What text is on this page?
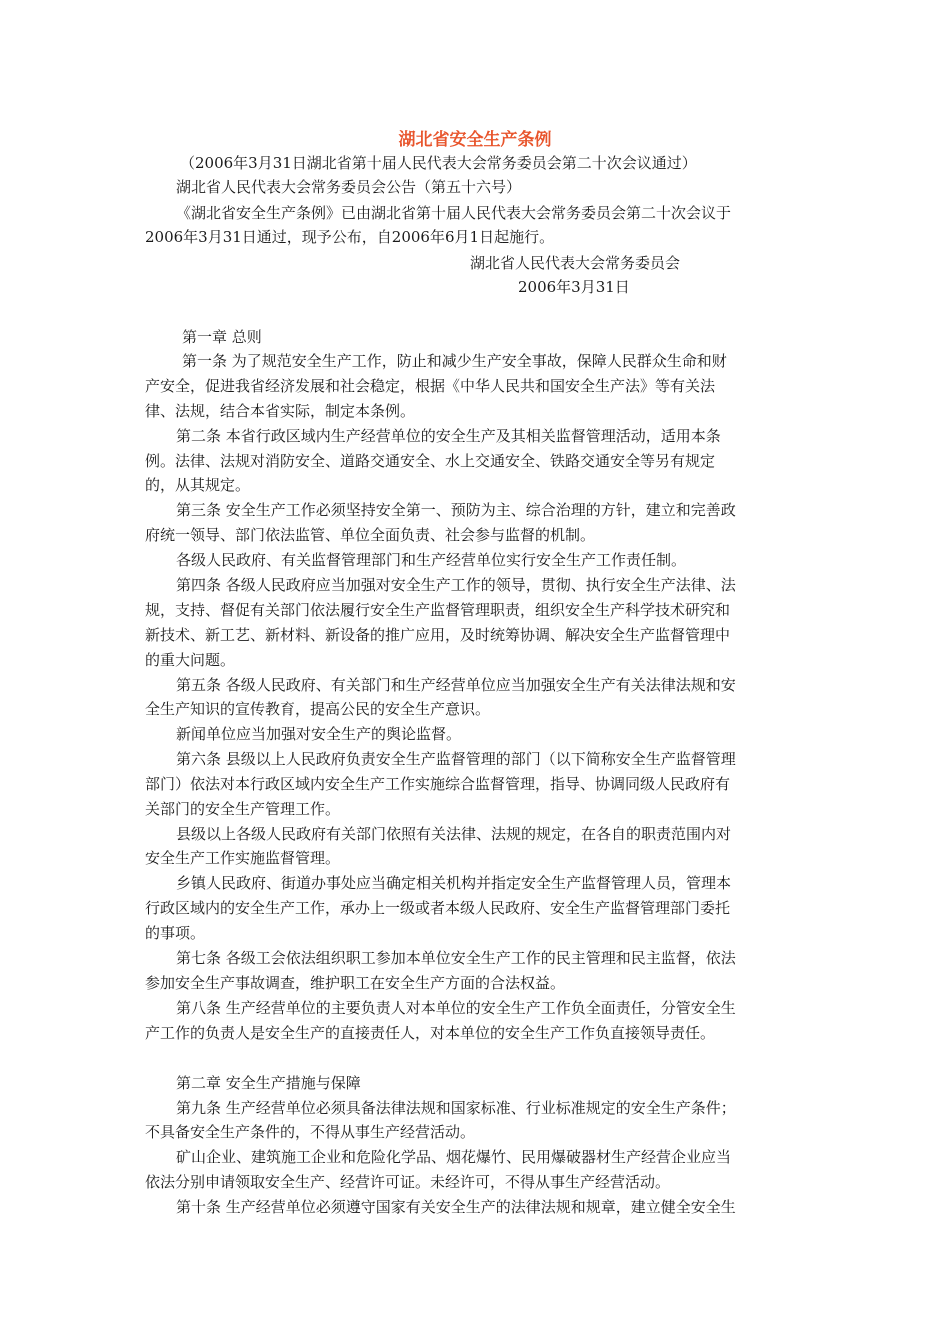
湖北省安全生产条例
（2006年3月31日湖北省第十届人民代表大会常务委员会第二十次会议通过）
湖北省人民代表大会常务委员会公告（第五十六号）
《湖北省安全生产条例》已由湖北省第十届人民代表大会常务委员会第二十次会议于
2006年3月31日通过，现予公布，自2006年6月1日起施行。
湖北省人民代表大会常务委员会
2006年3月31日
第一章 总则
第一条 为了规范安全生产工作，防止和减少生产安全事故，保障人民群众生命和财
产安全，促进我省经济发展和社会稳定，根据《中华人民共和国安全生产法》等有关法
律、法规，结合本省实际，制定本条例。
第二条 本省行政区域内生产经营单位的安全生产及其相关监督管理活动，适用本条
例。法律、法规对消防安全、道路交通安全、水上交通安全、铁路交通安全等另有规定
的，从其规定。
第三条 安全生产工作必须坚持安全第一、预防为主、综合治理的方针，建立和完善政
府统一领导、部门依法监管、单位全面负责、社会参与监督的机制。
各级人民政府、有关监督管理部门和生产经营单位实行安全生产工作责任制。
第四条 各级人民政府应当加强对安全生产工作的领导，贯彻、执行安全生产法律、法
规，支持、督促有关部门依法履行安全生产监督管理职责，组织安全生产科学技术研究和
新技术、新工艺、新材料、新设备的推广应用，及时统筹协调、解决安全生产监督管理中
的重大问题。
第五条 各级人民政府、有关部门和生产经营单位应当加强安全生产有关法律法规和安
全生产知识的宣传教育，提高公民的安全生产意识。
新闻单位应当加强对安全生产的舆论监督。
第六条 县级以上人民政府负责安全生产监督管理的部门（以下简称安全生产监督管理
部门）依法对本行政区域内安全生产工作实施综合监督管理，指导、协调同级人民政府有
关部门的安全生产管理工作。
县级以上各级人民政府有关部门依照有关法律、法规的规定，在各自的职责范围内对
安全生产工作实施监督管理。
乡镇人民政府、街道办事处应当确定相关机构并指定安全生产监督管理人员，管理本
行政区域内的安全生产工作，承办上一级或者本级人民政府、安全生产监督管理部门委托
的事项。
第七条 各级工会依法组织职工参加本单位安全生产工作的民主管理和民主监督，依法
参加安全生产事故调查，维护职工在安全生产方面的合法权益。
第八条 生产经营单位的主要负责人对本单位的安全生产工作负全面责任，分管安全生
产工作的负责人是安全生产的直接责任人，对本单位的安全生产工作负直接领导责任。
第二章 安全生产措施与保障
第九条 生产经营单位必须具备法律法规和国家标准、行业标准规定的安全生产条件；
不具备安全生产条件的，不得从事生产经营活动。
矿山企业、建筑施工企业和危险化学品、烟花爆竹、民用爆破器材生产经营企业应当
依法分别申请领取安全生产、经营许可证。未经许可，不得从事生产经营活动。
第十条 生产经营单位必须遵守国家有关安全生产的法律法规和规章，建立健全安全生
